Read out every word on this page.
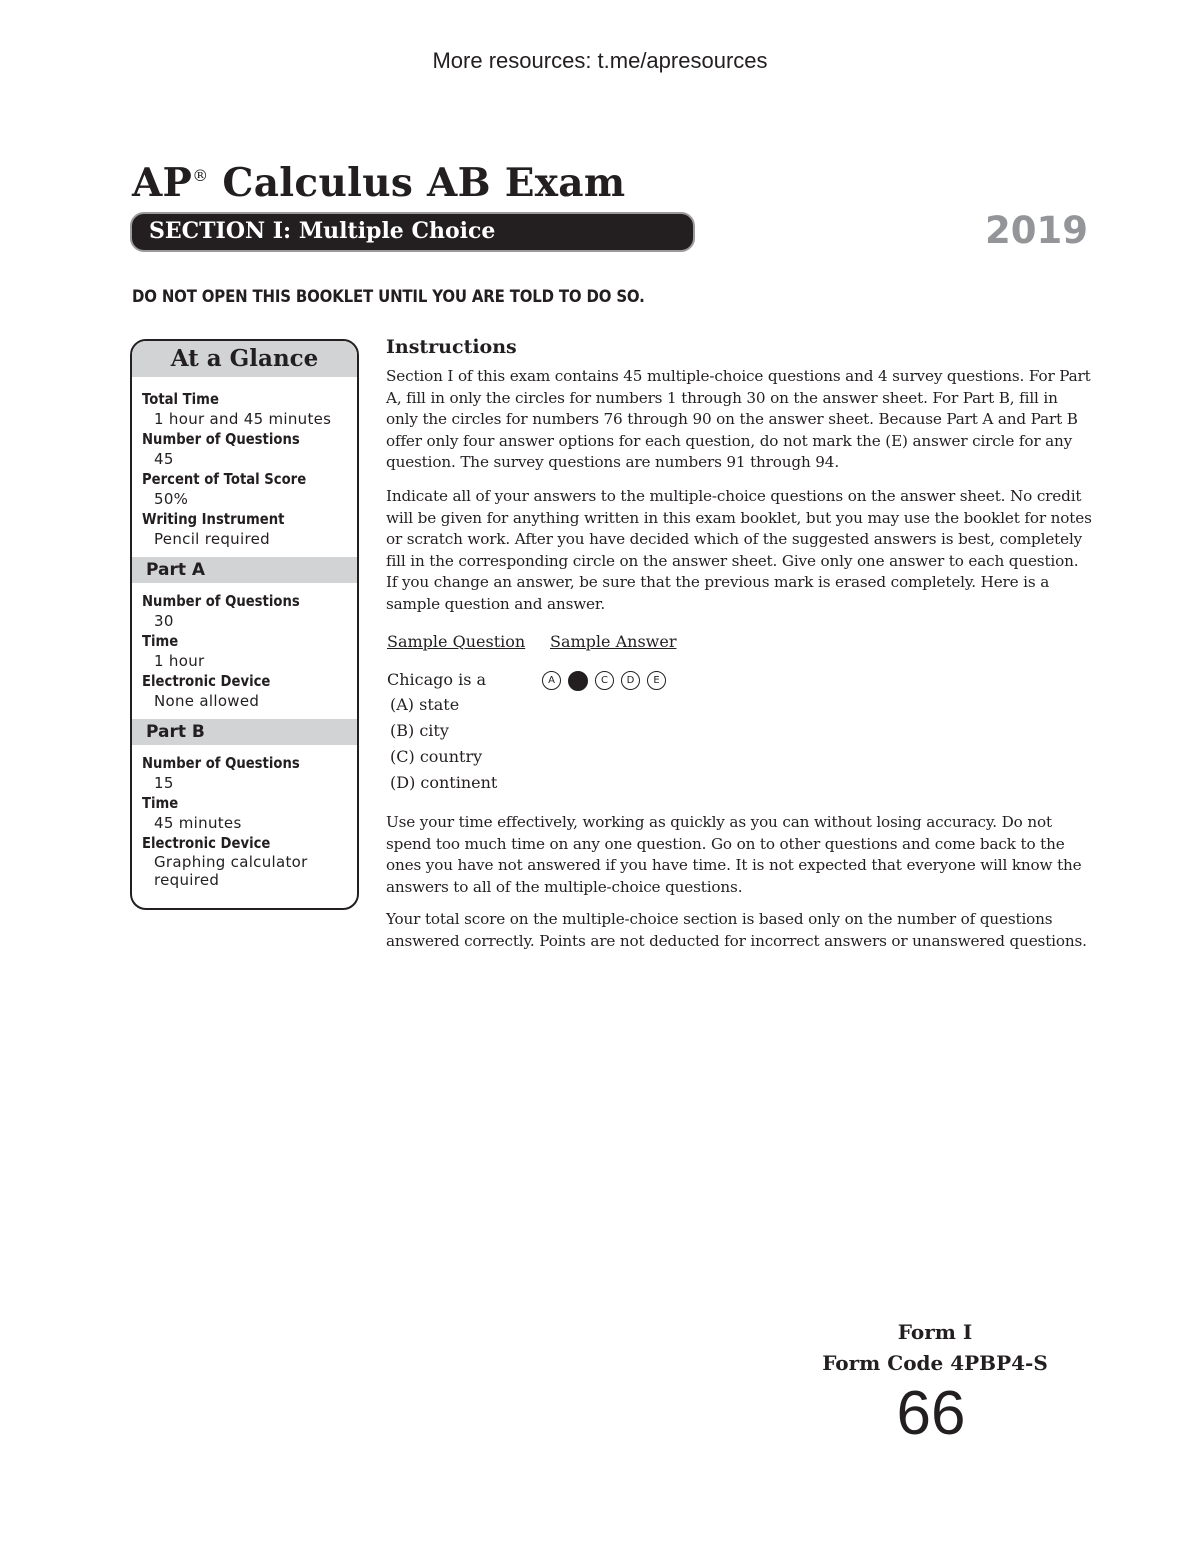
More resources: t.me/apresources
AP® Calculus AB Exam
SECTION I: Multiple Choice	2019
DO NOT OPEN THIS BOOKLET UNTIL YOU ARE TOLD TO DO SO.
At a Glance
Total Time
1 hour and 45 minutes
Number of Questions
45
Percent of Total Score
50%
Writing Instrument
Pencil required
Part A
Number of Questions
30
Time
1 hour
Electronic Device
None allowed
Part B
Number of Questions
15
Time
45 minutes
Electronic Device
Graphing calculator required
Instructions
Section I of this exam contains 45 multiple-choice questions and 4 survey questions. For Part A, fill in only the circles for numbers 1 through 30 on the answer sheet. For Part B, fill in only the circles for numbers 76 through 90 on the answer sheet. Because Part A and Part B offer only four answer options for each question, do not mark the (E) answer circle for any question. The survey questions are numbers 91 through 94.
Indicate all of your answers to the multiple-choice questions on the answer sheet. No credit will be given for anything written in this exam booklet, but you may use the booklet for notes or scratch work. After you have decided which of the suggested answers is best, completely fill in the corresponding circle on the answer sheet. Give only one answer to each question. If you change an answer, be sure that the previous mark is erased completely. Here is a sample question and answer.
Sample Question Sample Answer
Chicago is a
(A) state
(B) city
(C) country
(D) continent
A	C	D	E
Use your time effectively, working as quickly as you can without losing accuracy. Do not spend too much time on any one question. Go on to other questions and come back to the ones you have not answered if you have time. It is not expected that everyone will know the answers to all of the multiple-choice questions.
Your total score on the multiple-choice section is based only on the number of questions answered correctly. Points are not deducted for incorrect answers or unanswered questions.
Form I
Form Code 4PBP4-S
66
